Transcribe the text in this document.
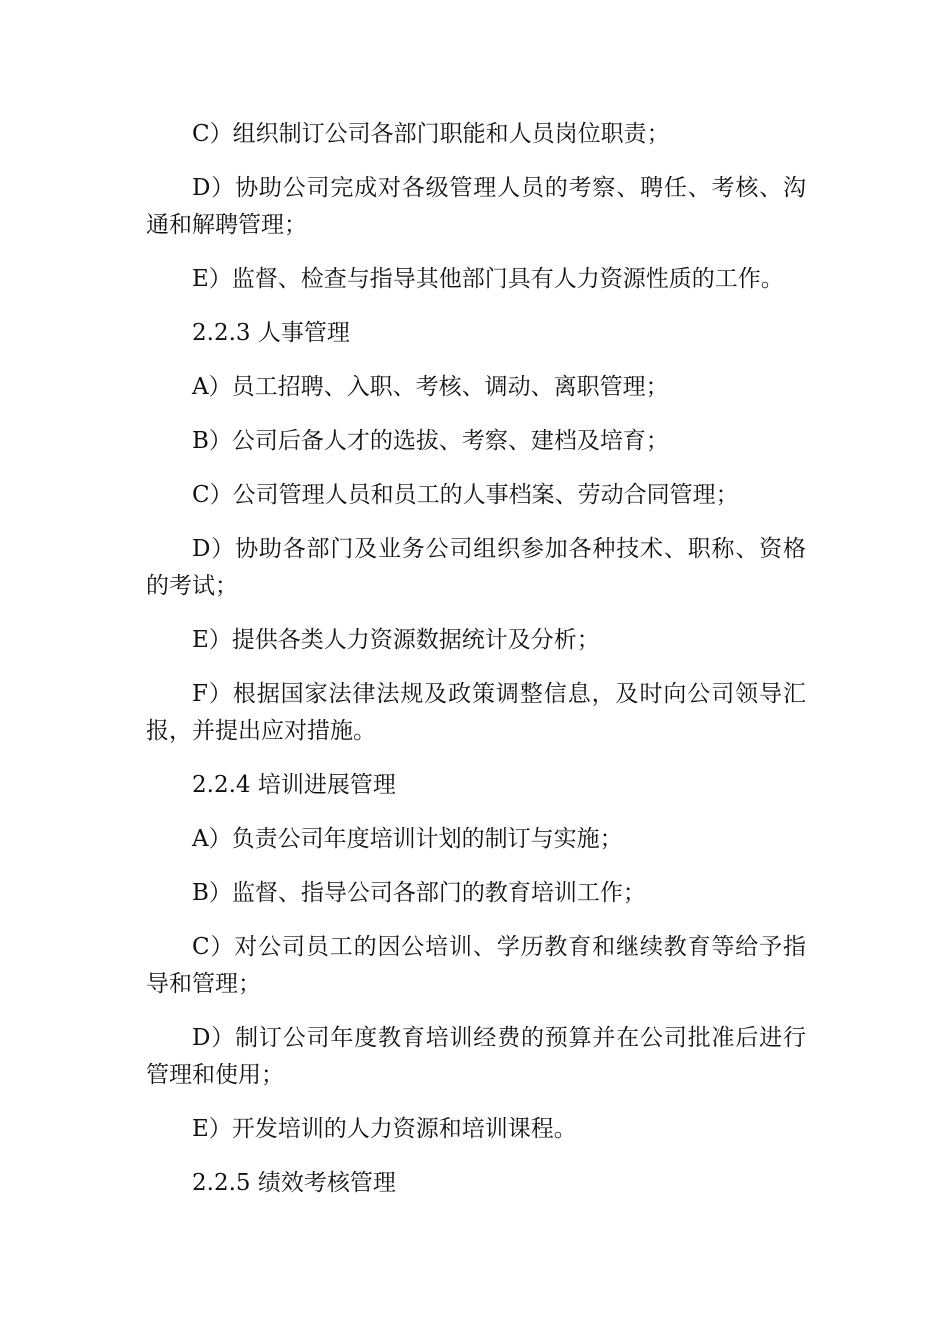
C）组织制订公司各部门职能和人员岗位职责；

D）协助公司完成对各级管理人员的考察、聘任、考核、沟通和解聘管理；

E）监督、检查与指导其他部门具有人力资源性质的工作。

2.2.3 人事管理

A）员工招聘、入职、考核、调动、离职管理；

B）公司后备人才的选拔、考察、建档及培育；

C）公司管理人员和员工的人事档案、劳动合同管理；

D）协助各部门及业务公司组织参加各种技术、职称、资格的考试；

E）提供各类人力资源数据统计及分析；

F）根据国家法律法规及政策调整信息，及时向公司领导汇报，并提出应对措施。

2.2.4 培训进展管理

A）负责公司年度培训计划的制订与实施；

B）监督、指导公司各部门的教育培训工作；

C）对公司员工的因公培训、学历教育和继续教育等给予指导和管理；

D）制订公司年度教育培训经费的预算并在公司批准后进行管理和使用；

E）开发培训的人力资源和培训课程。

2.2.5 绩效考核管理
